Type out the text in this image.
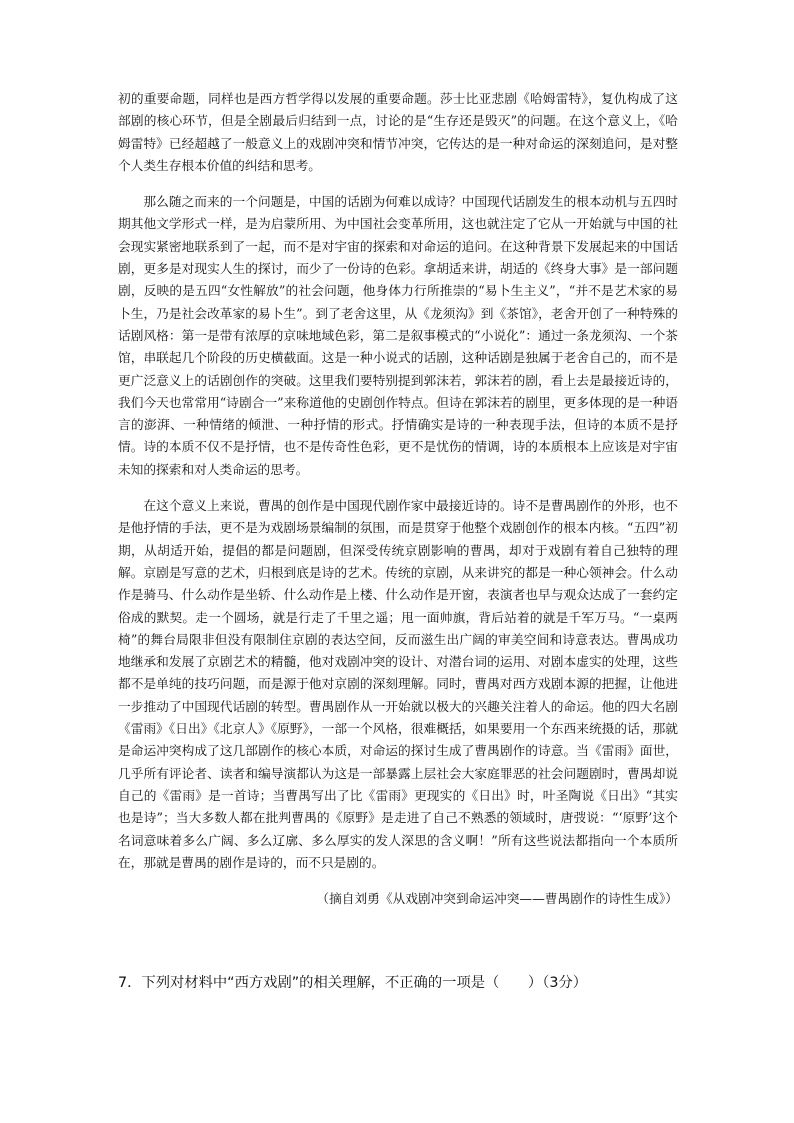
初的重要命题，同样也是西方哲学得以发展的重要命题。莎士比亚悲剧《哈姆雷特》，复仇构成了这部剧的核心环节，但是全剧最后归结到一点，讨论的是“生存还是毁灭”的问题。在这个意义上，《哈姆雷特》已经超越了一般意义上的戏剧冲突和情节冲突，它传达的是一种对命运的深刻追问，是对整个人类生存根本价值的纠结和思考。

那么随之而来的一个问题是，中国的话剧为何难以成诗？中国现代话剧发生的根本动机与五四时期其他文学形式一样，是为启蒙所用、为中国社会变革所用，这也就注定了它从一开始就与中国的社会现实紧密地联系到了一起，而不是对宇宙的探索和对命运的追问。在这种背景下发展起来的中国话剧，更多是对现实人生的探讨，而少了一份诗的色彩。拿胡适来讲，胡适的《终身大事》是一部问题剧，反映的是五四“女性解放”的社会问题，他身体力行所推崇的“易卜生主义”，“并不是艺术家的易卜生，乃是社会改革家的易卜生”。到了老舍这里，从《龙须沟》到《茶馆》，老舍开创了一种特殊的话剧风格：第一是带有浓厚的京味地域色彩，第二是叙事模式的“小说化”：通过一条龙须沟、一个茶馆，串联起几个阶段的历史横截面。这是一种小说式的话剧，这种话剧是独属于老舍自己的，而不是更广泛意义上的话剧创作的突破。这里我们要特别提到郭沫若，郭沫若的剧，看上去是最接近诗的，我们今天也常常用“诗剧合一”来称道他的史剧创作特点。但诗在郭沫若的剧里，更多体现的是一种语言的澎湃、一种情绪的倾泄、一种抒情的形式。抒情确实是诗的一种表现手法，但诗的本质不是抒情。诗的本质不仅不是抒情，也不是传奇性色彩，更不是忧伤的情调，诗的本质根本上应该是对宇宙未知的探索和对人类命运的思考。

在这个意义上来说，曹禺的创作是中国现代剧作家中最接近诗的。诗不是曹禺剧作的外形，也不是他抒情的手法，更不是为戏剧场景编制的氛围，而是贯穿于他整个戏剧创作的根本内核。“五四”初期，从胡适开始，提倡的都是问题剧，但深受传统京剧影响的曹禺，却对于戏剧有着自己独特的理解。京剧是写意的艺术，归根到底是诗的艺术。传统的京剧，从来讲究的都是一种心领神会。什么动作是骑马、什么动作是坐轿、什么动作是上楼、什么动作是开窗，表演者也早与观众达成了一套约定俗成的默契。走一个圆场，就是行走了千里之遥；甩一面帅旗，背后站着的就是千军万马。“一桌两椅”的舞台局限非但没有限制住京剧的表达空间，反而滋生出广阔的审美空间和诗意表达。曹禺成功地继承和发展了京剧艺术的精髓，他对戏剧冲突的设计、对潜台词的运用、对剧本虚实的处理，这些都不是单纯的技巧问题，而是源于他对京剧的深刻理解。同时，曹禺对西方戏剧本源的把握，让他进一步推动了中国现代话剧的转型。曹禺剧作从一开始就以极大的兴趣关注着人的命运。他的四大名剧《雷雨》《日出》《北京人》《原野》，一部一个风格，很难概括，如果要用一个东西来统摄的话，那就是命运冲突构成了这几部剧作的核心本质，对命运的探讨生成了曹禺剧作的诗意。当《雷雨》面世，几乎所有评论者、读者和编导演都认为这是一部暴露上层社会大家庭罪恶的社会问题剧时，曹禺却说自己的《雷雨》是一首诗；当曹禺写出了比《雷雨》更现实的《日出》时，叶圣陶说《日出》“其实也是诗”；当大多数人都在批判曹禺的《原野》是走进了自己不熟悉的领域时，唐弢说：“‘原野’这个名词意味着多么广阔、多么辽廓、多么厚实的发人深思的含义啊！”所有这些说法都指向一个本质所在，那就是曹禺的剧作是诗的，而不只是剧的。

（摘自刘勇《从戏剧冲突到命运冲突——曹禺剧作的诗性生成》）

7．下列对材料中“西方戏剧”的相关理解，不正确的一项是（　　）（3分）
